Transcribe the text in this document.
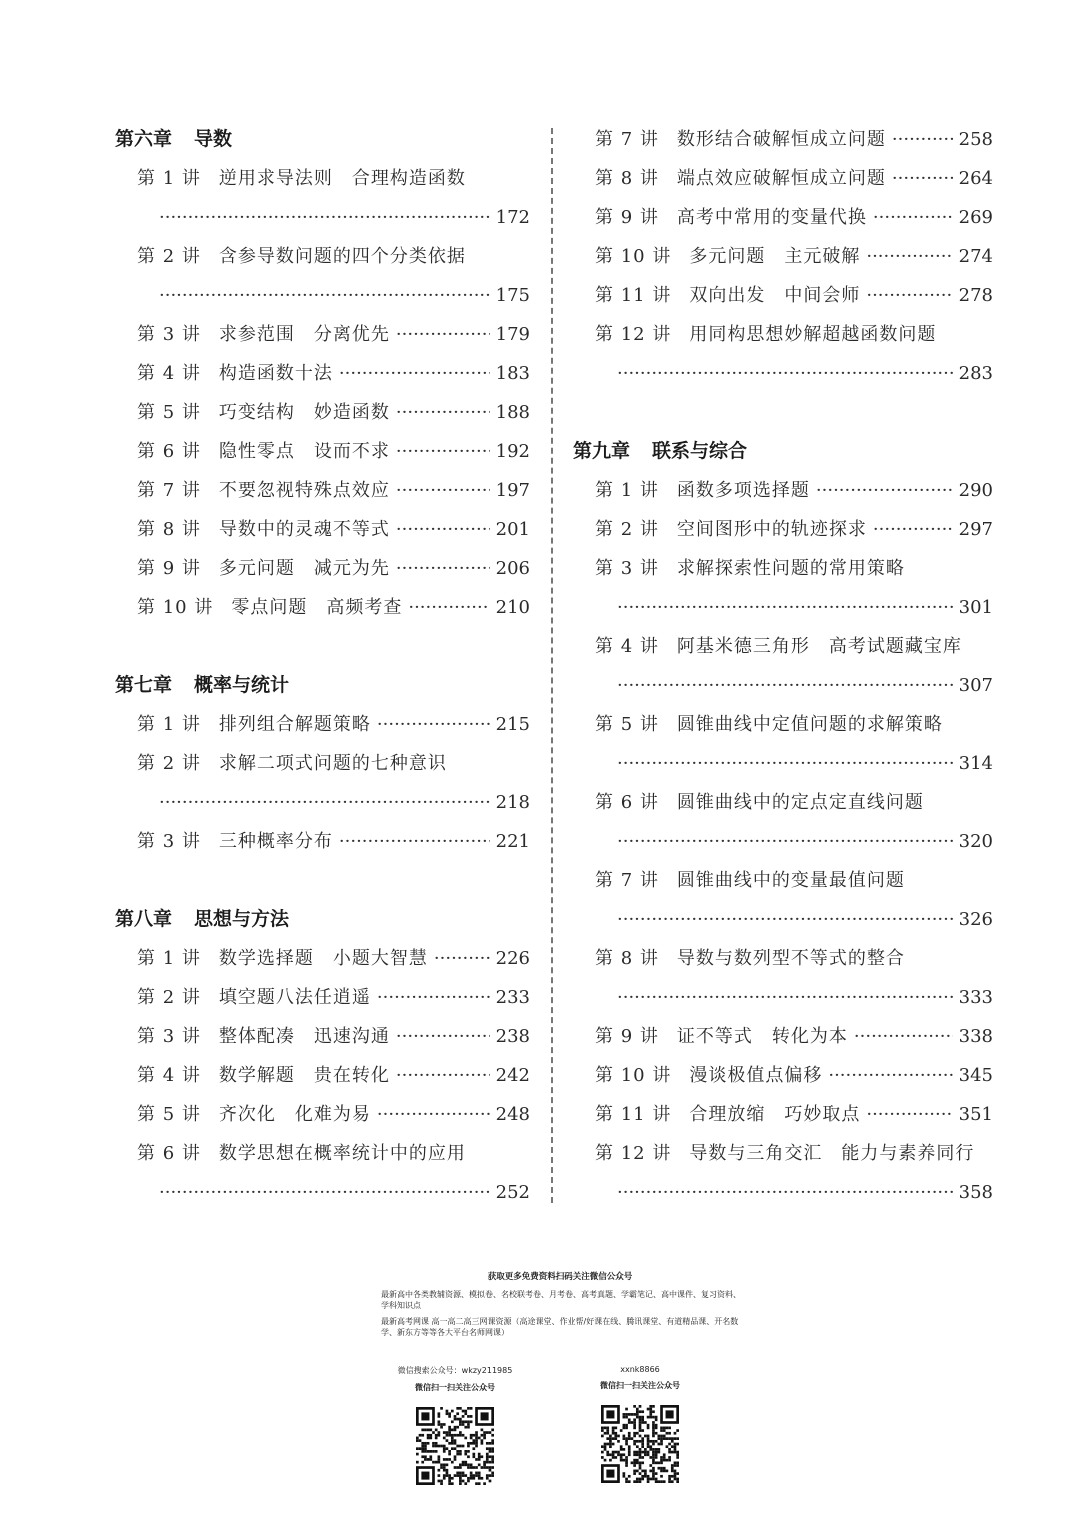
第六章 导数
第 1 讲 逆用求导法则　合理构造函数
·····
172
第 2 讲 含参导数问题的四个分类依据
·····
175
第 3 讲 求参范围　分离优先 ·····	179
第 4 讲 构造函数十法 ·····	183
第 5 讲 巧变结构　妙造函数 ·····	188
第 6 讲 隐性零点　设而不求 ·····	192
第 7 讲 不要忽视特殊点效应 ·····	197
第 8 讲 导数中的灵魂不等式 ·····	201
第 9 讲 多元问题　减元为先 ·····	206
第 10 讲 零点问题　高频考查 ·····	210
第七章 概率与统计
第 1 讲 排列组合解题策略 ·····	215
第 2 讲 求解二项式问题的七种意识
·····
218
第 3 讲 三种概率分布 ·····	221
第八章 思想与方法
第 1 讲 数学选择题　小题大智慧 ·····	226
第 2 讲 填空题八法任逍遥 ·····	233
第 3 讲 整体配凑　迅速沟通 ·····	238
第 4 讲 数学解题　贵在转化 ·····	242
第 5 讲 齐次化　化难为易 ·····	248
第 6 讲 数学思想在概率统计中的应用
·····
252
第 7 讲 数形结合破解恒成立问题 ·····	258
第 8 讲 端点效应破解恒成立问题 ·····	264
第 9 讲 高考中常用的变量代换 ·····	269
第 10 讲 多元问题　主元破解 ·····	274
第 11 讲 双向出发　中间会师 ·····	278
第 12 讲 用同构思想妙解超越函数问题
·····
283
第九章 联系与综合
第 1 讲 函数多项选择题 ·····	290
第 2 讲 空间图形中的轨迹探求 ·····	297
第 3 讲 求解探索性问题的常用策略
·····
301
第 4 讲 阿基米德三角形　高考试题藏宝库
·····
307
第 5 讲 圆锥曲线中定值问题的求解策略
·····
314
第 6 讲 圆锥曲线中的定点定直线问题
·····
320
第 7 讲 圆锥曲线中的变量最值问题
·····
326
第 8 讲 导数与数列型不等式的整合
·····
333
第 9 讲 证不等式　转化为本 ·····	338
第 10 讲 漫谈极值点偏移 ·····	345
第 11 讲 合理放缩　巧妙取点 ·····	351
第 12 讲 导数与三角交汇　能力与素养同行
·····
358
获取更多免费资料扫码关注微信公众号

最新高中各类教辅资源、模拟卷、名校联考卷、月考卷、高考真题、学霸笔记、高中课件、复习资料、学科知识点

最新高考网课 高一高二高三网课资源（高途课堂、作业帮/好课在线、腾讯课堂、有道精品课、开名数学、新东方等等各大平台名师网课）

微信搜索公众号：wkzy211985
微信扫一扫关注公众号
xxnk8866
微信扫一扫关注公众号
